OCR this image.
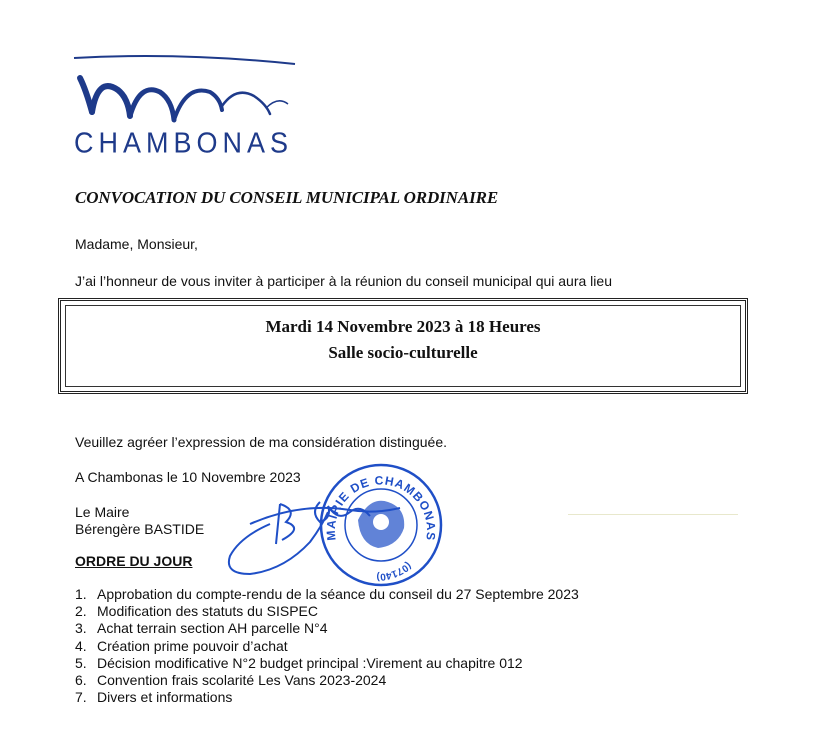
CHAMBONAS
CONVOCATION DU CONSEIL MUNICIPAL ORDINAIRE
Madame, Monsieur,
J’ai l’honneur de vous inviter à participer à la réunion du conseil municipal qui aura lieu
Mardi 14 Novembre 2023 à 18 Heures
Salle socio-culturelle
Veuillez agréer l’expression de ma considération distinguée.
A Chambonas le 10 Novembre 2023
Le Maire
Bérengère BASTIDE	MAIRIE DE CHAMBONAS
(07140)
ORDRE DU JOUR
1. Approbation du compte-rendu de la séance du conseil du 27 Septembre 2023
2. Modification des statuts du SISPEC
3. Achat terrain section AH parcelle N°4
4. Création prime pouvoir d’achat
5. Décision modificative N°2 budget principal :Virement au chapitre 012
6. Convention frais scolarité Les Vans 2023-2024
7. Divers et informations
